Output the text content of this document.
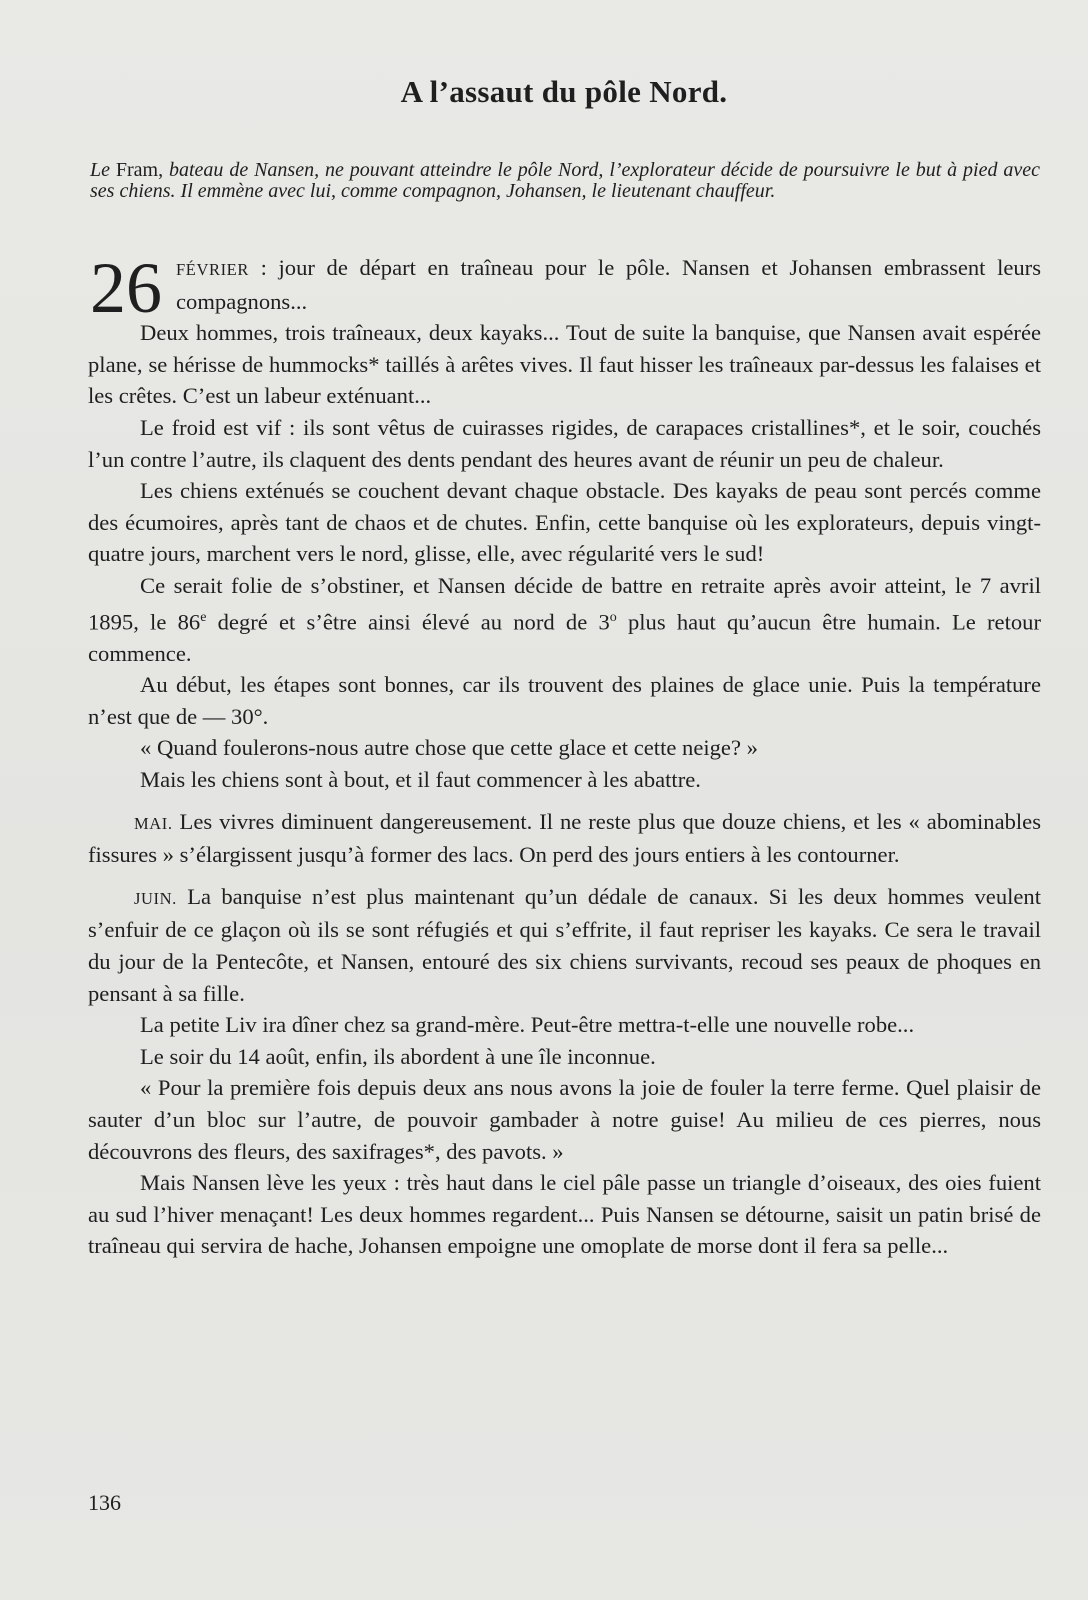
A l’assaut du pôle Nord.

Le Fram, bateau de Nansen, ne pouvant atteindre le pôle Nord, l’explorateur décide de poursuivre le but à pied avec ses chiens. Il emmène avec lui, comme compagnon, Johansen, le lieutenant chauffeur.

26 FÉVRIER : jour de départ en traîneau pour le pôle. Nansen et Johansen embrassent leurs compagnons...

Deux hommes, trois traîneaux, deux kayaks... Tout de suite la banquise, que Nansen avait espérée plane, se hérisse de hummocks* taillés à arêtes vives. Il faut hisser les traîneaux par-dessus les falaises et les crêtes. C’est un labeur exténuant...

Le froid est vif : ils sont vêtus de cuirasses rigides, de carapaces cristallines*, et le soir, couchés l’un contre l’autre, ils claquent des dents pendant des heures avant de réunir un peu de chaleur.

Les chiens exténués se couchent devant chaque obstacle. Des kayaks de peau sont percés comme des écumoires, après tant de chaos et de chutes. Enfin, cette banquise où les explorateurs, depuis vingt-quatre jours, marchent vers le nord, glisse, elle, avec régularité vers le sud!

Ce serait folie de s’obstiner, et Nansen décide de battre en retraite après avoir atteint, le 7 avril 1895, le 86e degré et s’être ainsi élevé au nord de 3$^o$ plus haut qu’aucun être humain. Le retour commence.

Au début, les étapes sont bonnes, car ils trouvent des plaines de glace unie. Puis la température n’est que de — 30°.

« Quand foulerons-nous autre chose que cette glace et cette neige? »

Mais les chiens sont à bout, et il faut commencer à les abattre.

MAI. Les vivres diminuent dangereusement. Il ne reste plus que douze chiens, et les « abominables fissures » s’élargissent jusqu’à former des lacs. On perd des jours entiers à les contourner.

JUIN. La banquise n’est plus maintenant qu’un dédale de canaux. Si les deux hommes veulent s’enfuir de ce glaçon où ils se sont réfugiés et qui s’effrite, il faut repriser les kayaks. Ce sera le travail du jour de la Pentecôte, et Nansen, entouré des six chiens survivants, recoud ses peaux de phoques en pensant à sa fille.

La petite Liv ira dîner chez sa grand-mère. Peut-être mettra-t-elle une nouvelle robe...

Le soir du 14 août, enfin, ils abordent à une île inconnue.

« Pour la première fois depuis deux ans nous avons la joie de fouler la terre ferme. Quel plaisir de sauter d’un bloc sur l’autre, de pouvoir gambader à notre guise! Au milieu de ces pierres, nous découvrons des fleurs, des saxifrages*, des pavots. »

Mais Nansen lève les yeux : très haut dans le ciel pâle passe un triangle d’oiseaux, des oies fuient au sud l’hiver menaçant! Les deux hommes regardent... Puis Nansen se détourne, saisit un patin brisé de traîneau qui servira de hache, Johansen empoigne une omoplate de morse dont il fera sa pelle...

136
